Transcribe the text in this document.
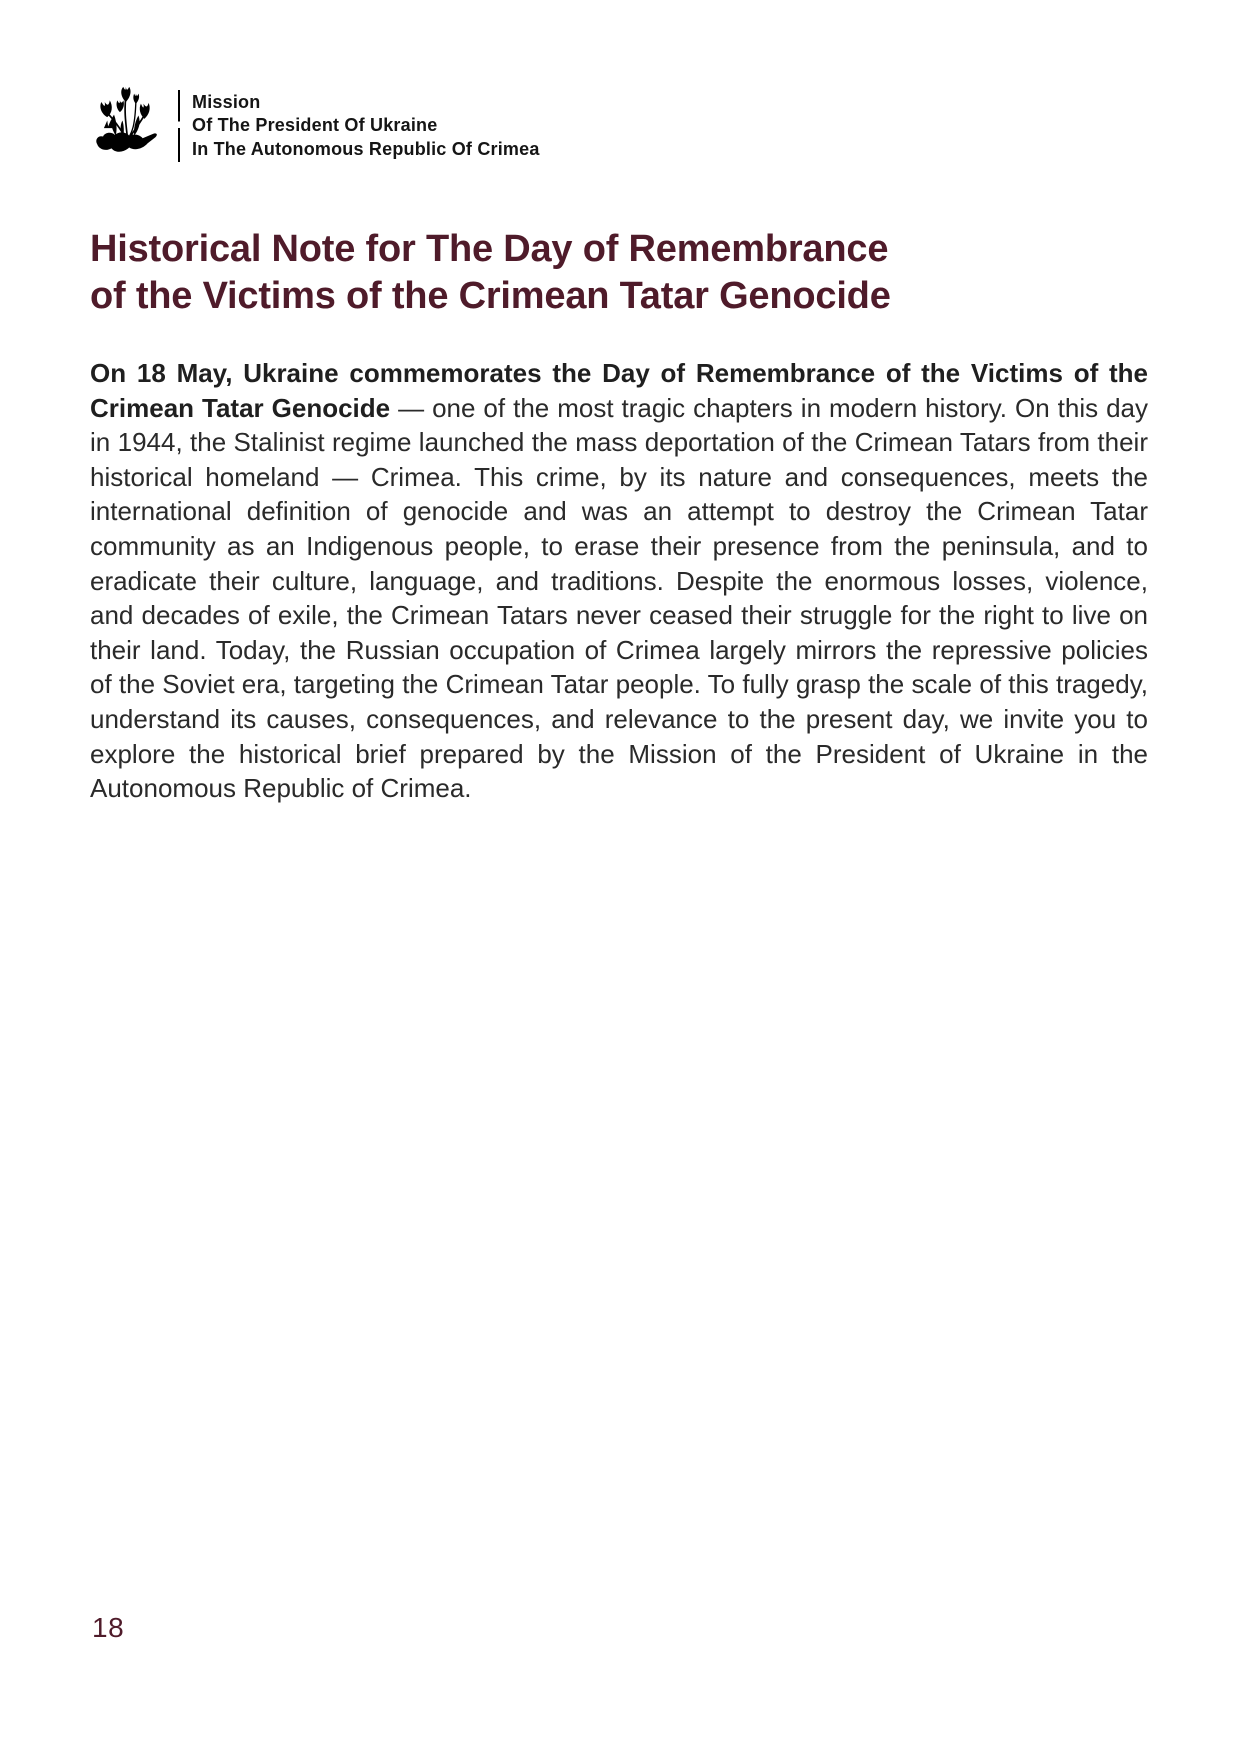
Mission
Of The President Of Ukraine
In The Autonomous Republic Of Crimea
Historical Note for The Day of Remembrance
of the Victims of the Crimean Tatar Genocide

On 18 May, Ukraine commemorates the Day of Remembrance of the Victims of the Crimean Tatar Genocide — one of the most tragic chapters in modern history. On this day in 1944, the Stalinist regime launched the mass deportation of the Crimean Tatars from their historical homeland — Crimea. This crime, by its nature and consequences, meets the international definition of genocide and was an attempt to destroy the Crimean Tatar community as an Indigenous people, to erase their presence from the peninsula, and to eradicate their culture, language, and traditions. Despite the enormous losses, violence, and decades of exile, the Crimean Tatars never ceased their struggle for the right to live on their land. Today, the Russian occupation of Crimea largely mirrors the repressive policies of the Soviet era, targeting the Crimean Tatar people. To fully grasp the scale of this tragedy, understand its causes, consequences, and relevance to the present day, we invite you to explore the historical brief prepared by the Mission of the President of Ukraine in the Autonomous Republic of Crimea.

18
